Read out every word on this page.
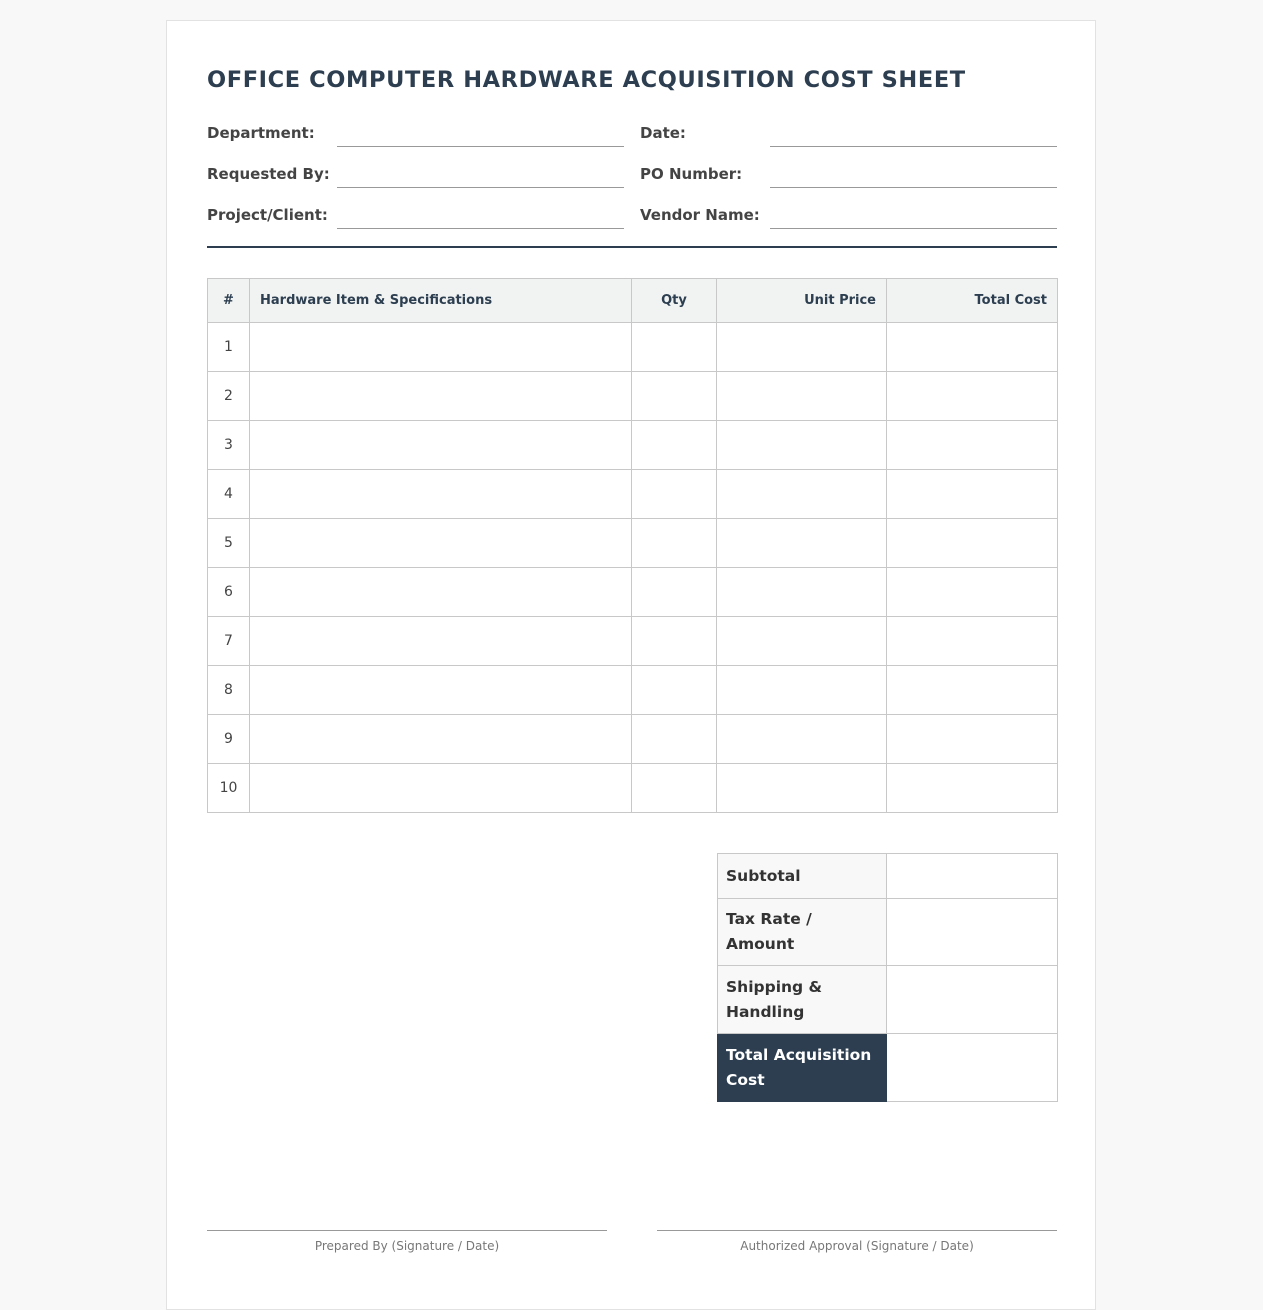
OFFICE COMPUTER HARDWARE ACQUISITION COST SHEET
Department:	Date:
Requested By:	PO Number:
Project/Client:	Vendor Name:
#	Hardware Item & Specifications	Qty	Unit Price	Total Cost
1				
2				
3				
4				
5				
6				
7				
8				
9				
10				
Subtotal	
Tax Rate / Amount	
Shipping & Handling	
Total Acquisition Cost	
Prepared By (Signature / Date)	Authorized Approval (Signature / Date)
